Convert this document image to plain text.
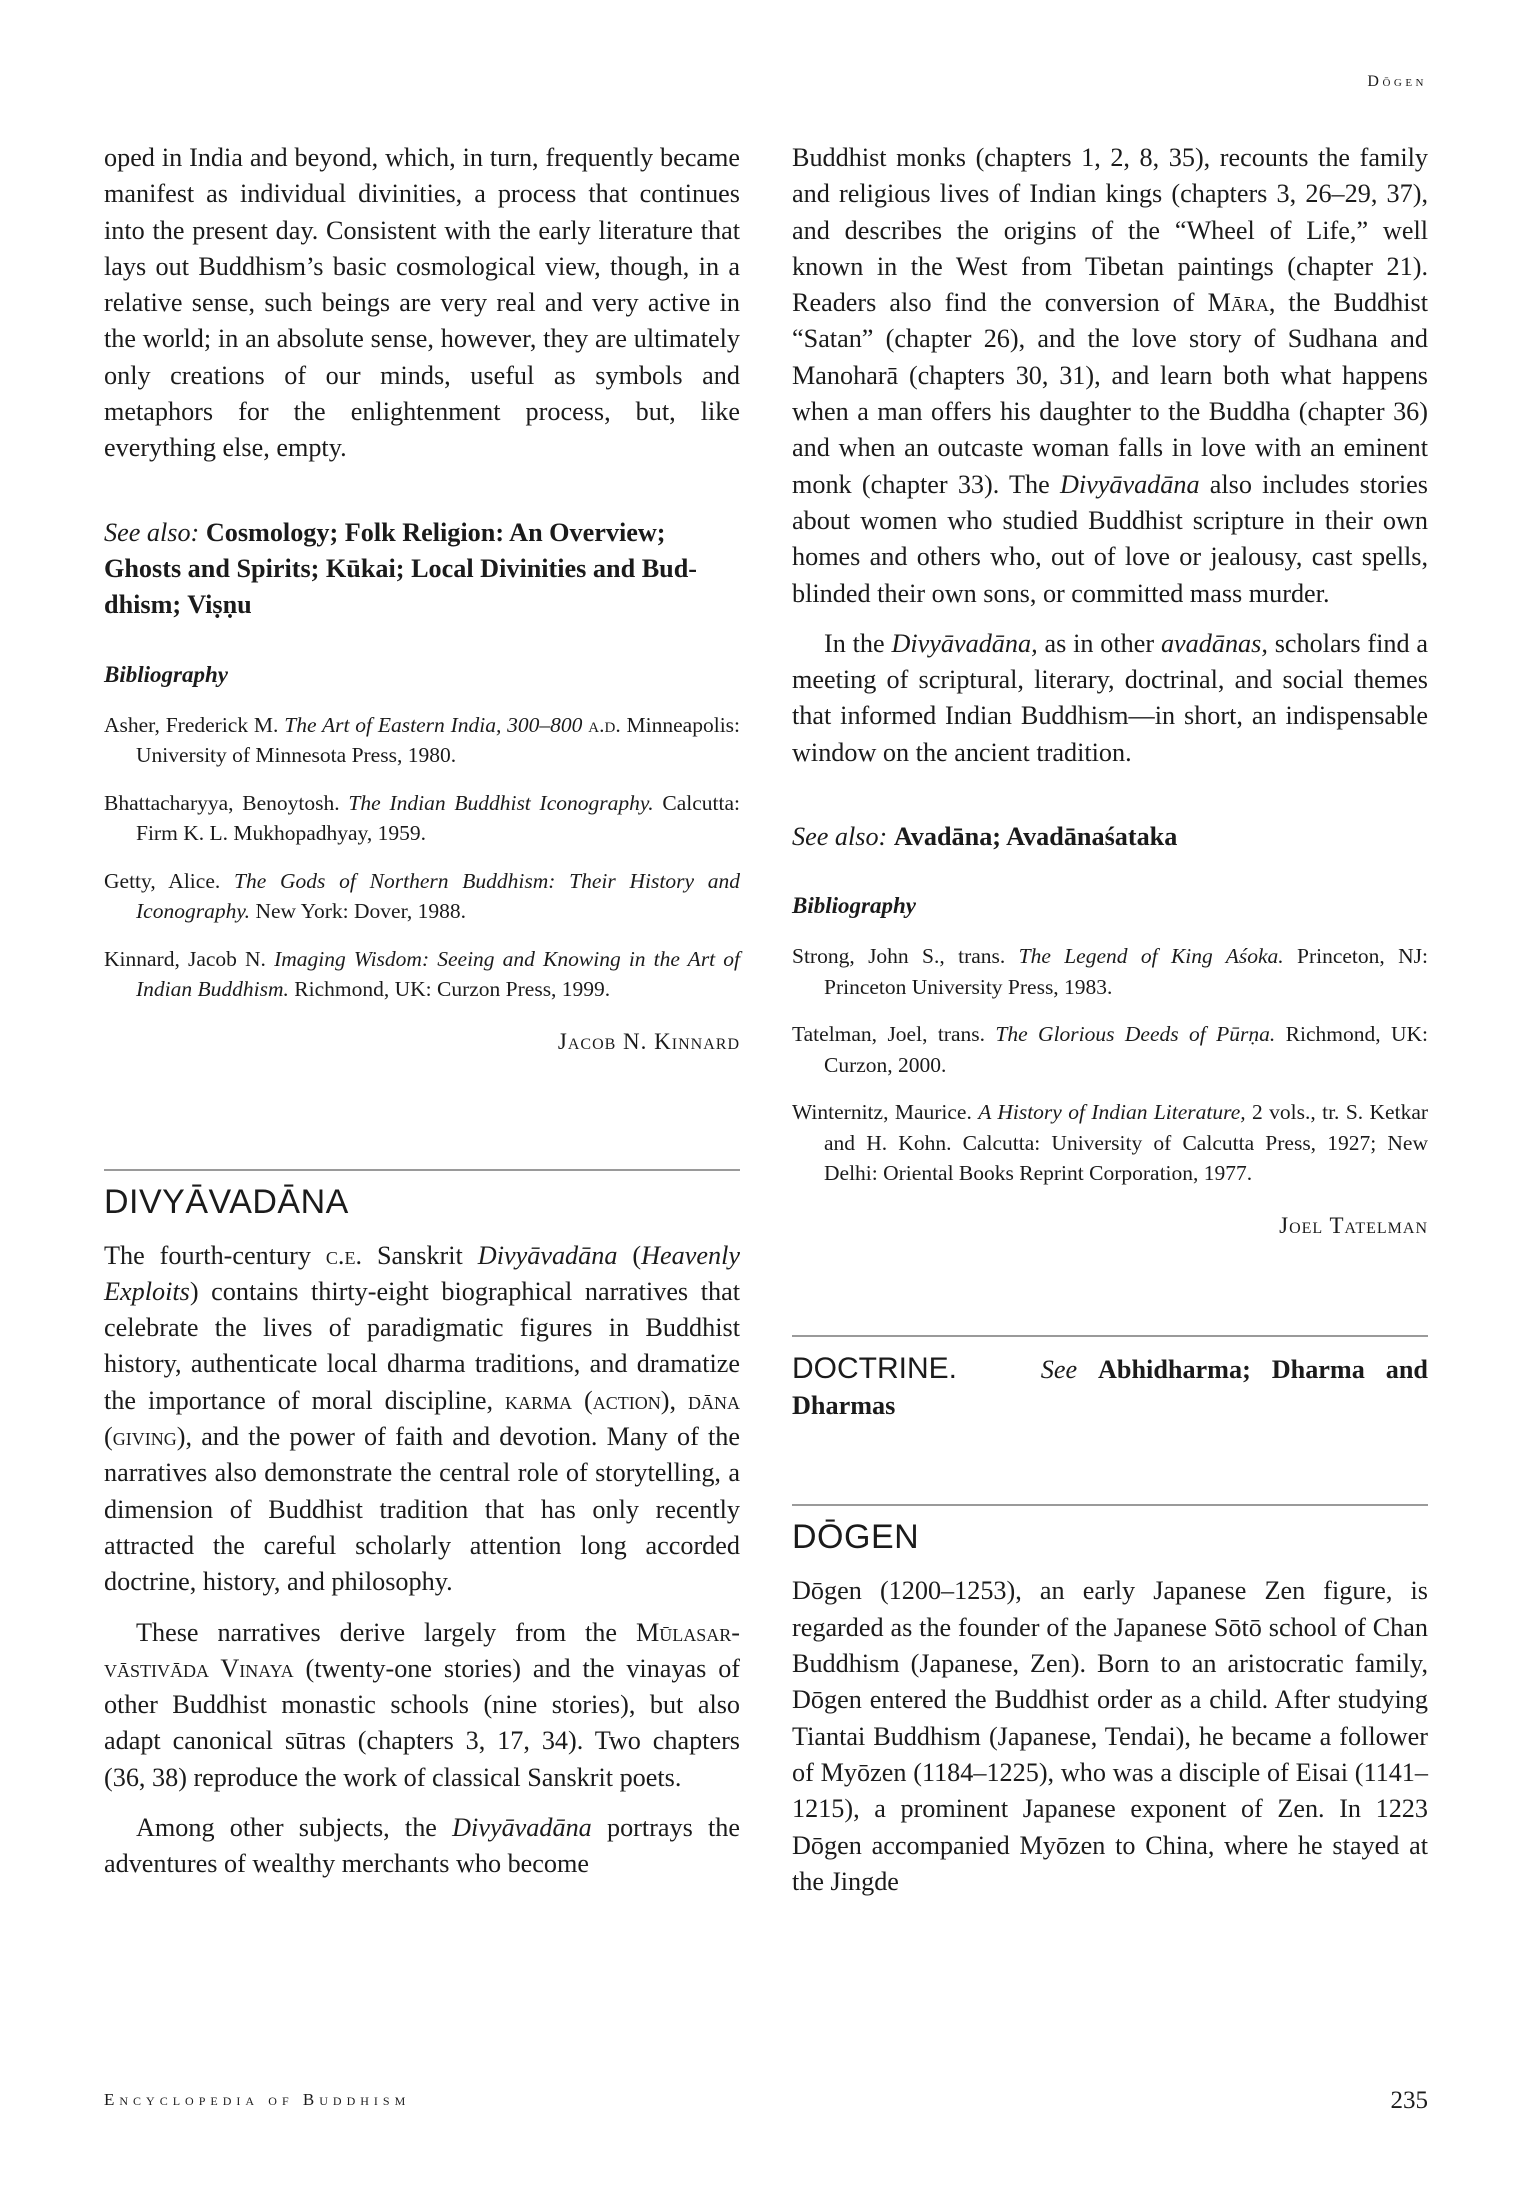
Dōgen

oped in India and beyond, which, in turn, frequently became manifest as individual divinities, a process that continues into the present day. Consistent with the early literature that lays out Buddhism’s basic cosmological view, though, in a relative sense, such beings are very real and very active in the world; in an absolute sense, however, they are ultimately only creations of our minds, useful as symbols and metaphors for the enlightenment process, but, like everything else, empty.

See also: Cosmology; Folk Religion: An Overview; Ghosts and Spirits; Kūkai; Local Divinities and Buddhism; Viṣṇu

Bibliography

Asher, Frederick M. The Art of Eastern India, 300–800 a.d. Minneapolis: University of Minnesota Press, 1980.

Bhattacharyya, Benoytosh. The Indian Buddhist Iconography. Calcutta: Firm K. L. Mukhopadhyay, 1959.

Getty, Alice. The Gods of Northern Buddhism: Their History and Iconography. New York: Dover, 1988.

Kinnard, Jacob N. Imaging Wisdom: Seeing and Knowing in the Art of Indian Buddhism. Richmond, UK: Curzon Press, 1999.

Jacob N. Kinnard
DIVYĀVADĀNA

The fourth-century c.e. Sanskrit Divyāvadāna (Heavenly Exploits) contains thirty-eight biographical narratives that celebrate the lives of paradigmatic figures in Buddhist history, authenticate local dharma traditions, and dramatize the importance of moral discipline, karma (action), dāna (giving), and the power of faith and devotion. Many of the narratives also demonstrate the central role of storytelling, a dimension of Buddhist tradition that has only recently attracted the careful scholarly attention long accorded doctrine, history, and philosophy.

These narratives derive largely from the Mūlasarvāstivāda Vinaya (twenty-one stories) and the vinayas of other Buddhist monastic schools (nine stories), but also adapt canonical sūtras (chapters 3, 17, 34). Two chapters (36, 38) reproduce the work of classical Sanskrit poets.

Among other subjects, the Divyāvadāna portrays the adventures of wealthy merchants who become

Buddhist monks (chapters 1, 2, 8, 35), recounts the family and religious lives of Indian kings (chapters 3, 26–29, 37), and describes the origins of the “Wheel of Life,” well known in the West from Tibetan paintings (chapter 21). Readers also find the conversion of Māra, the Buddhist “Satan” (chapter 26), and the love story of Sudhana and Manoharā (chapters 30, 31), and learn both what happens when a man offers his daughter to the Buddha (chapter 36) and when an outcaste woman falls in love with an eminent monk (chapter 33). The Divyāvadāna also includes stories about women who studied Buddhist scripture in their own homes and others who, out of love or jealousy, cast spells, blinded their own sons, or committed mass murder.

In the Divyāvadāna, as in other avadānas, scholars find a meeting of scriptural, literary, doctrinal, and social themes that informed Indian Buddhism—in short, an indispensable window on the ancient tradition.

See also: Avadāna; Avadānaśataka

Bibliography

Strong, John S., trans. The Legend of King Aśoka. Princeton, NJ: Princeton University Press, 1983.

Tatelman, Joel, trans. The Glorious Deeds of Pūrṇa. Richmond, UK: Curzon, 2000.

Winternitz, Maurice. A History of Indian Literature, 2 vols., tr. S. Ketkar and H. Kohn. Calcutta: University of Calcutta Press, 1927; New Delhi: Oriental Books Reprint Corporation, 1977.

Joel Tatelman

DOCTRINE.	See Abhidharma; Dharma and Dharmas

DŌGEN

Dōgen (1200–1253), an early Japanese Zen figure, is regarded as the founder of the Japanese Sōtō school of Chan Buddhism (Japanese, Zen). Born to an aristocratic family, Dōgen entered the Buddhist order as a child. After studying Tiantai Buddhism (Japanese, Tendai), he became a follower of Myōzen (1184–1225), who was a disciple of Eisai (1141–1215), a prominent Japanese exponent of Zen. In 1223 Dōgen accompanied Myōzen to China, where he stayed at the Jingde

Encyclopedia of Buddhism	235
